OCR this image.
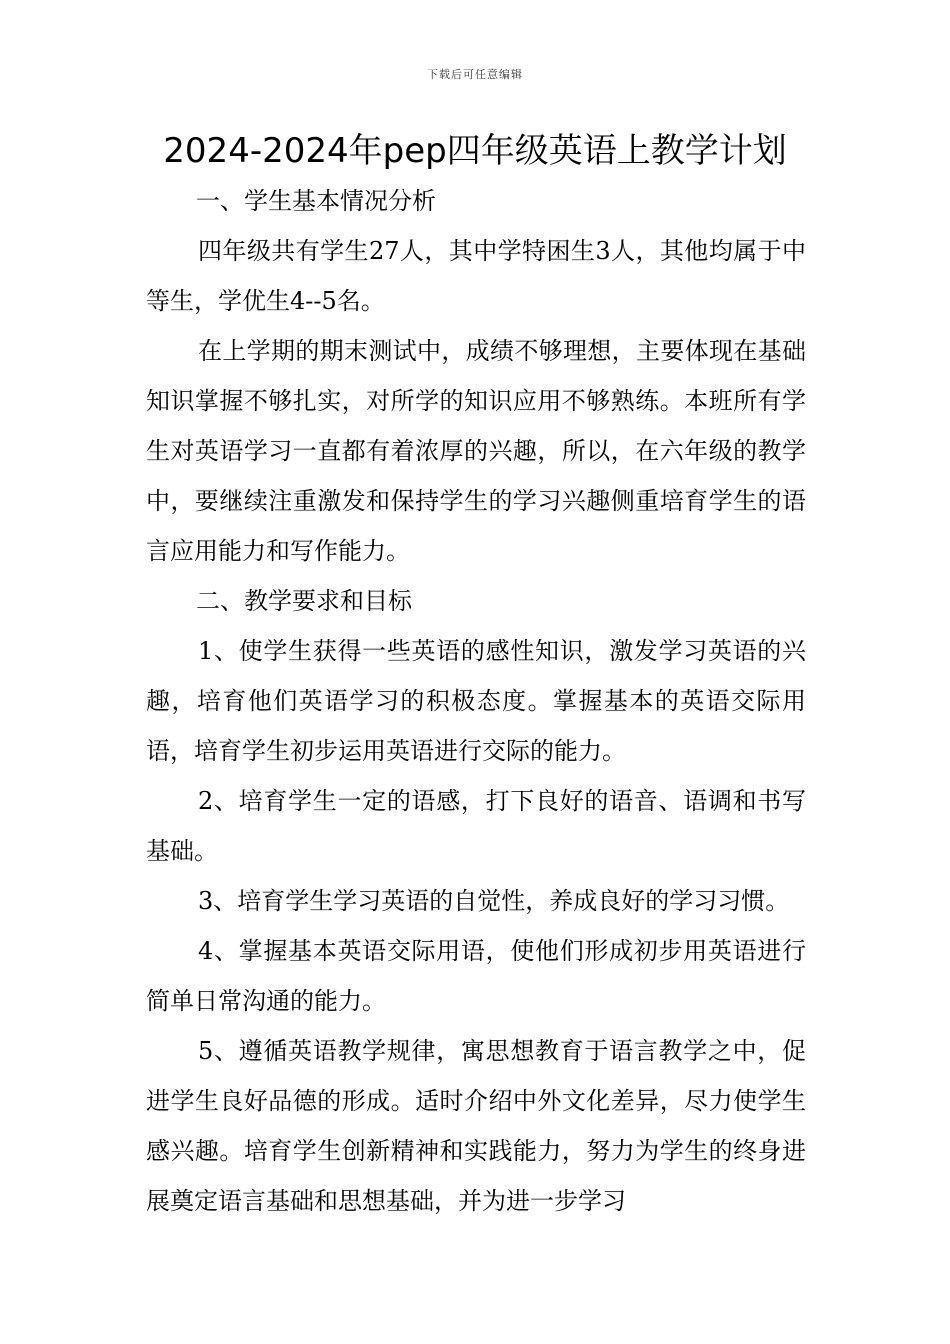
下载后可任意编辑
2024-2024年pep四年级英语上教学计划

一、学生基本情况分析

四年级共有学生27人，其中学特困生3人，其他均属于中等生，学优生4--5名。

在上学期的期末测试中，成绩不够理想，主要体现在基础知识掌握不够扎实，对所学的知识应用不够熟练。本班所有学生对英语学习一直都有着浓厚的兴趣，所以，在六年级的教学中，要继续注重激发和保持学生的学习兴趣侧重培育学生的语言应用能力和写作能力。

二、教学要求和目标

1、使学生获得一些英语的感性知识，激发学习英语的兴趣，培育他们英语学习的积极态度。掌握基本的英语交际用语，培育学生初步运用英语进行交际的能力。

2、培育学生一定的语感，打下良好的语音、语调和书写基础。

3、培育学生学习英语的自觉性，养成良好的学习习惯。

4、掌握基本英语交际用语，使他们形成初步用英语进行简单日常沟通的能力。

5、遵循英语教学规律，寓思想教育于语言教学之中，促进学生良好品德的形成。适时介绍中外文化差异，尽力使学生感兴趣。培育学生创新精神和实践能力，努力为学生的终身进展奠定语言基础和思想基础，并为进一步学习
